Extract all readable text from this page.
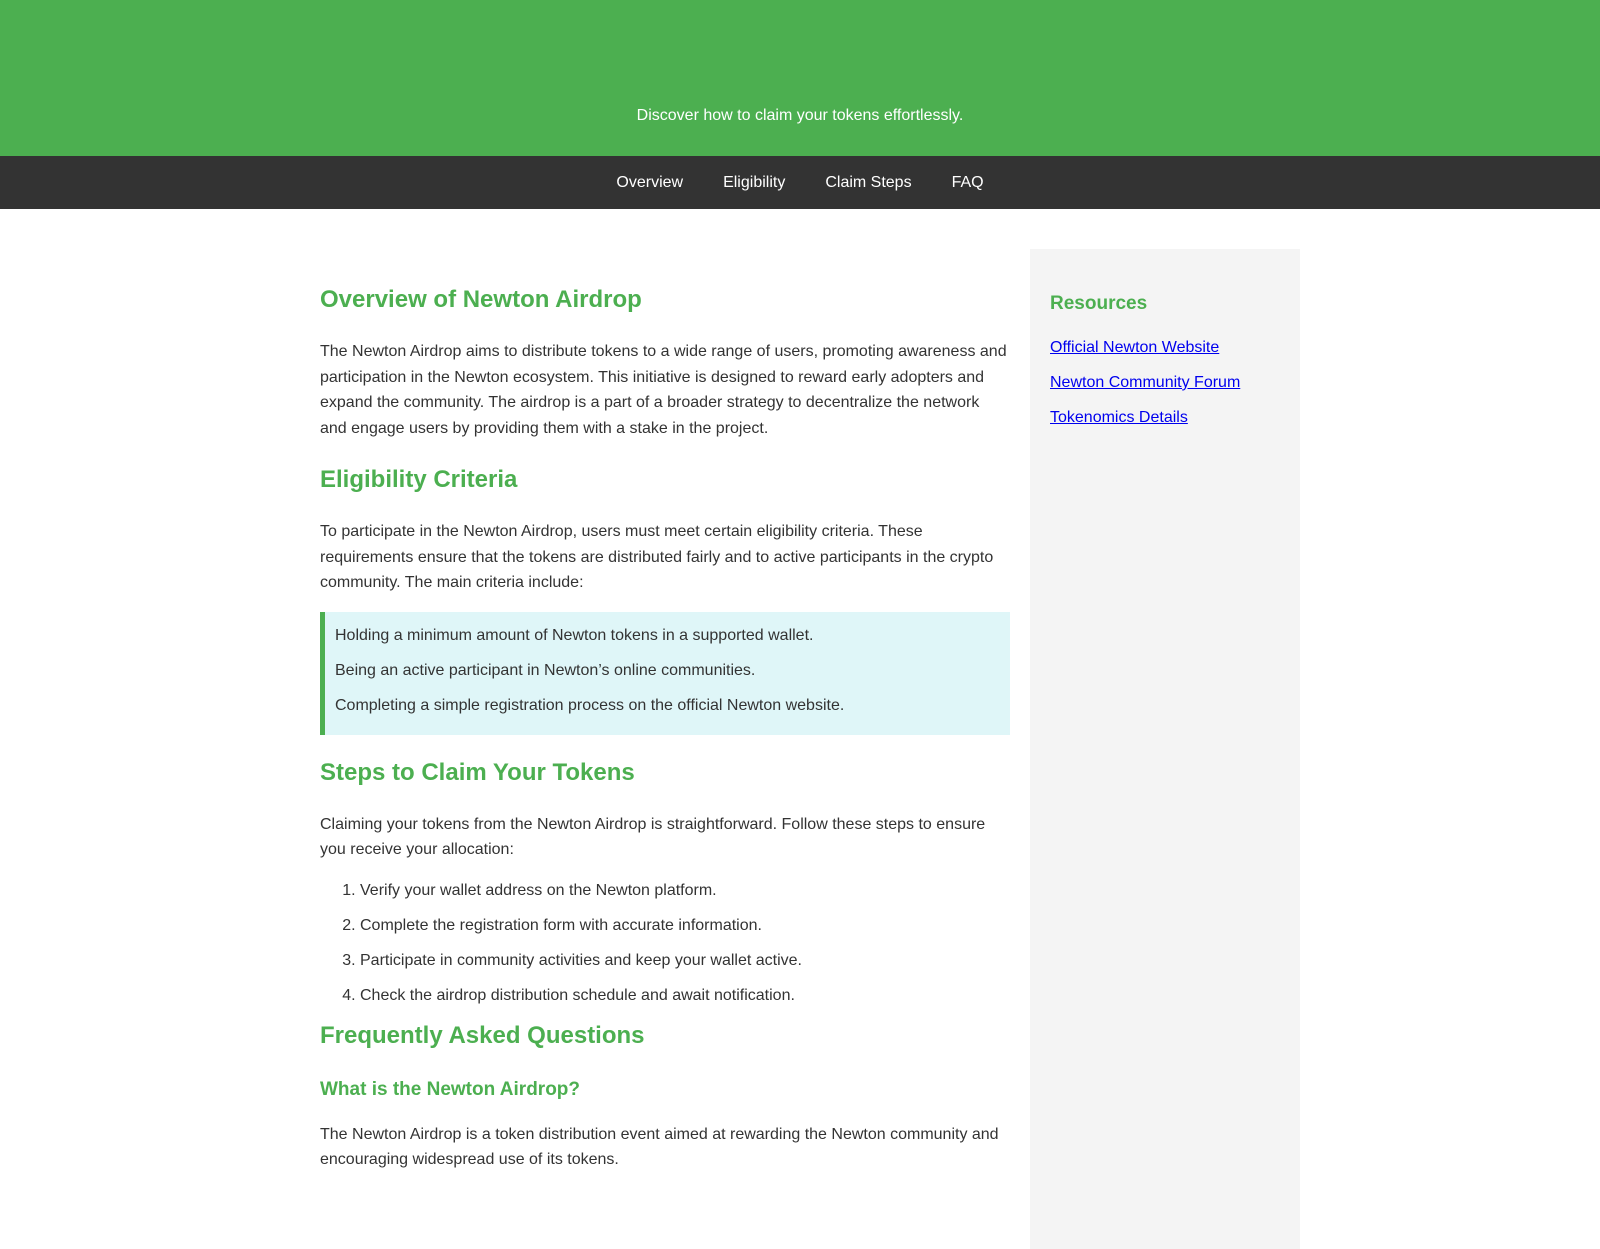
Discover how to claim your tokens effortlessly.

Overview	Eligibility	Claim Steps	FAQ
Overview of Newton Airdrop

The Newton Airdrop aims to distribute tokens to a wide range of users, promoting awareness and participation in the Newton ecosystem. This initiative is designed to reward early adopters and expand the community. The airdrop is a part of a broader strategy to decentralize the network and engage users by providing them with a stake in the project.

Eligibility Criteria

To participate in the Newton Airdrop, users must meet certain eligibility criteria. These requirements ensure that the tokens are distributed fairly and to active participants in the crypto community. The main criteria include:

Holding a minimum amount of Newton tokens in a supported wallet.

Being an active participant in Newton’s online communities.

Completing a simple registration process on the official Newton website.

Steps to Claim Your Tokens

Claiming your tokens from the Newton Airdrop is straightforward. Follow these steps to ensure you receive your allocation:

1. Verify your wallet address on the Newton platform.
2. Complete the registration form with accurate information.
3. Participate in community activities and keep your wallet active.
4. Check the airdrop distribution schedule and await notification.
Frequently Asked Questions
What is the Newton Airdrop?

The Newton Airdrop is a token distribution event aimed at rewarding the Newton community and encouraging widespread use of its tokens.

Resources
Official Newton Website
Newton Community Forum
Tokenomics Details
